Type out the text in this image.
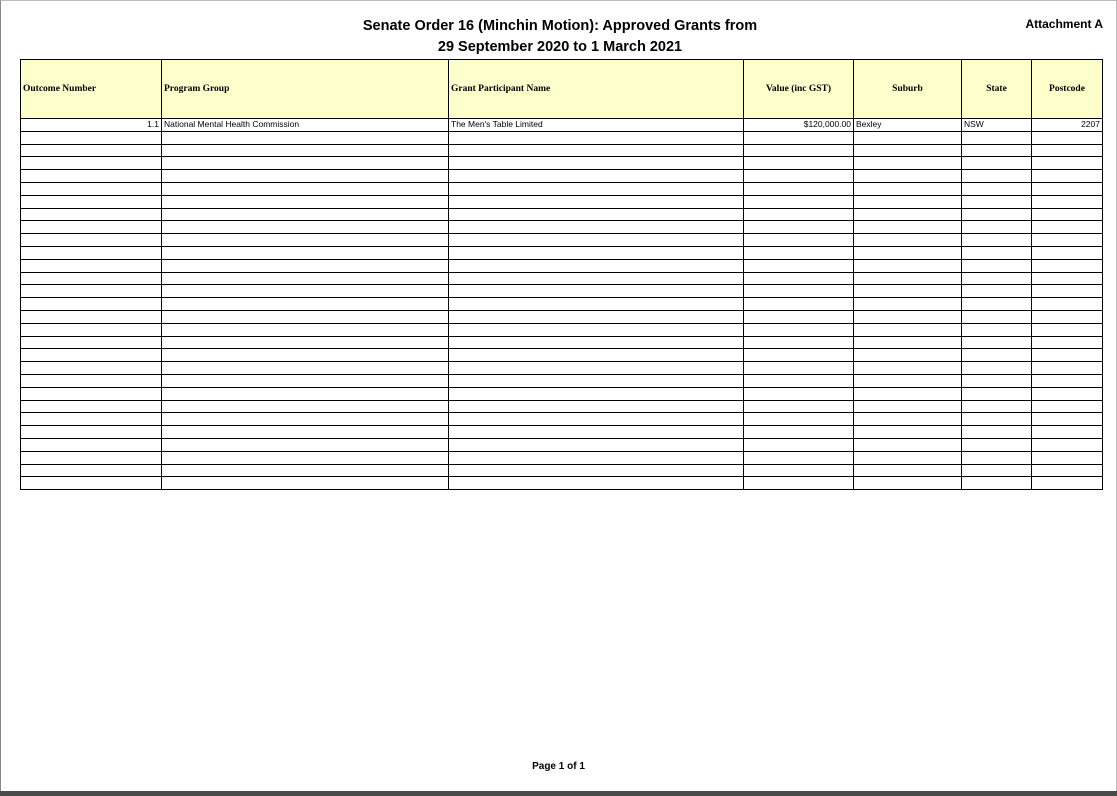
Senate Order 16 (Minchin Motion): Approved Grants from
29 September 2020 to 1 March 2021
Attachment A
Outcome Number	Program Group	Grant Participant Name	Value (inc GST)	Suburb	State	Postcode
1.1	National Mental Health Commission	The Men's Table Limited	$120,000.00	Bexley	NSW	2207

Page 1 of 1
